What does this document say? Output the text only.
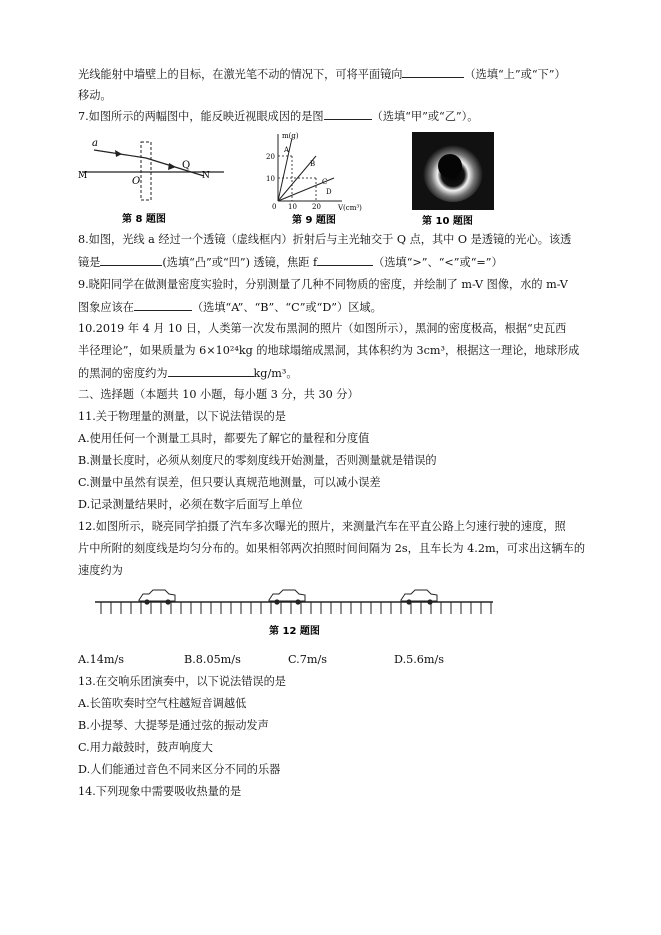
光线能射中墙壁上的目标，在激光笔不动的情况下，可将平面镜向	（选填“上”或“下”）
移动。
7.如图所示的两幅图中，能反映近视眼成因的是图	（选填“甲”或“乙”）。
a
M	O
Q
N
第 8 题图
m(g)
V(cm³)
20
10
0 10 20
A
B
C
D
第 9 题图	第 10 题图
8.如图，光线 a 经过一个透镜（虚线框内）折射后与主光轴交于 Q 点，其中 O 是透镜的光心。该透
镜是	(选填“凸”或“凹”) 透镜，焦距 f	（选填“>”、“<”或“=”）
9.晓阳同学在做测量密度实验时，分别测量了几种不同物质的密度，并绘制了 m-V 图像，水的 m-V
图象应该在	（选填“A”、“B”、“C”或“D”）区域。
10.2019 年 4 月 10 日，人类第一次发布黑洞的照片（如图所示），黑洞的密度极高，根据“史瓦西
半径理论”，如果质量为 6×10²⁴kg 的地球塌缩成黑洞，其体积约为 3cm³，根据这一理论，地球形成
的黑洞的密度约为	kg/m³。
二、选择题（本题共 10 小题，每小题 3 分，共 30 分）
11.关于物理量的测量，以下说法错误的是
A.使用任何一个测量工具时，都要先了解它的量程和分度值
B.测量长度时，必须从刻度尺的零刻度线开始测量，否则测量就是错误的
C.测量中虽然有误差，但只要认真规范地测量，可以减小误差
D.记录测量结果时，必须在数字后面写上单位
12.如图所示，晓亮同学拍摄了汽车多次曝光的照片，来测量汽车在平直公路上匀速行驶的速度，照
片中所附的刻度线是均匀分布的。如果相邻两次拍照时间间隔为 2s，且车长为 4.2m，可求出这辆车的
速度约为
第 12 题图
A.14m/s	B.8.05m/s	C.7m/s	D.5.6m/s
13.在交响乐团演奏中，以下说法错误的是
A.长笛吹奏时空气柱越短音调越低
B.小提琴、大提琴是通过弦的振动发声
C.用力敲鼓时，鼓声响度大
D.人们能通过音色不同来区分不同的乐器
14.下列现象中需要吸收热量的是
